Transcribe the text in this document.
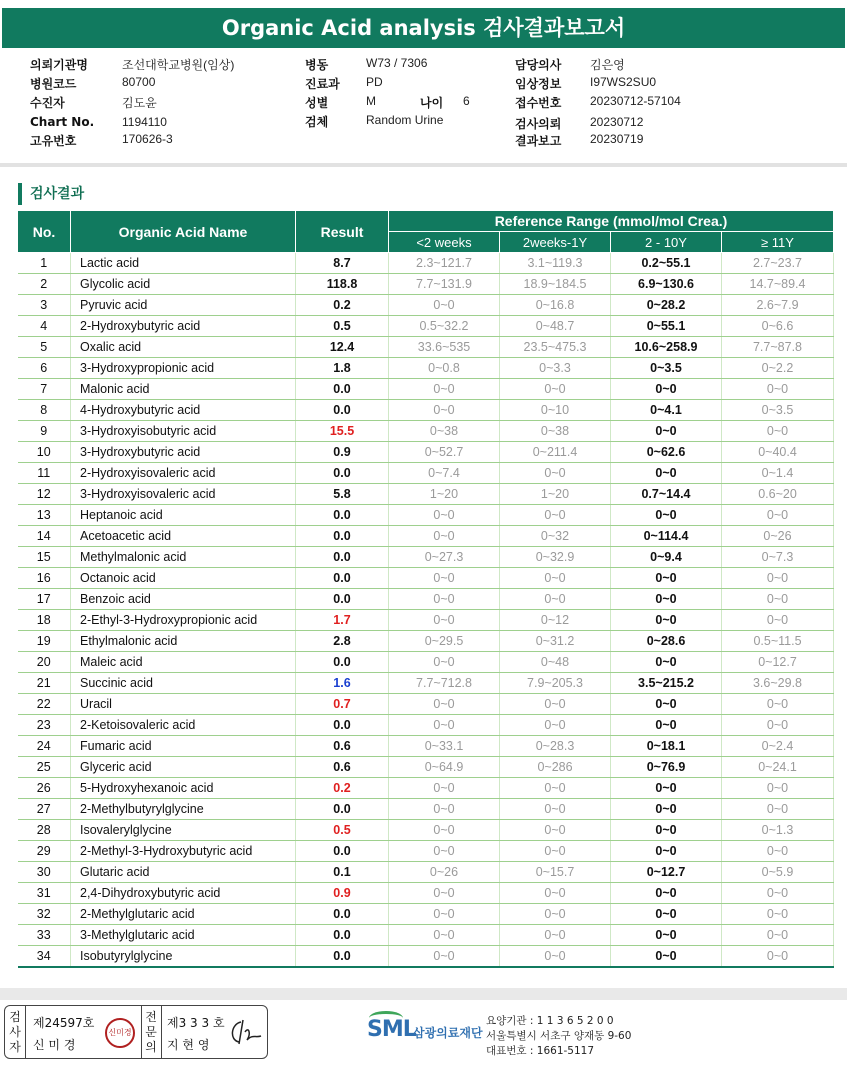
Organic Acid analysis 검사결과보고서
의뢰기관명	조선대학교병원(임상)
병원코드	80700
수진자	김도윤
Chart No. 1194110
고유번호	170626-3
병동	W73 / 7306
진료과 PD
성별	M
검체	Random Urine
담당의사 김은영
임상정보 I97WS2SU0
접수번호 20230712-57104
검사의뢰 20230712
결과보고 20230719
나이 6
검사결과
No.	Organic Acid Name	Result	Reference Range (mmol/mol Crea.)			
			<2 weeks	2weeks-1Y	2 - 10Y	≥ 11Y
1	Lactic acid	8.7	2.3~121.7	3.1~119.3	0.2~55.1	2.7~23.7
2	Glycolic acid	118.8	7.7~131.9	18.9~184.5	6.9~130.6	14.7~89.4
3	Pyruvic acid	0.2	0~0	0~16.8	0~28.2	2.6~7.9
4	2-Hydroxybutyric acid	0.5	0.5~32.2	0~48.7	0~55.1	0~6.6
5	Oxalic acid	12.4	33.6~535	23.5~475.3	10.6~258.9	7.7~87.8
6	3-Hydroxypropionic acid	1.8	0~0.8	0~3.3	0~3.5	0~2.2
7	Malonic acid	0.0	0~0	0~0	0~0	0~0
8	4-Hydroxybutyric acid	0.0	0~0	0~10	0~4.1	0~3.5
9	3-Hydroxyisobutyric acid	15.5	0~38	0~38	0~0	0~0
10	3-Hydroxybutyric acid	0.9	0~52.7	0~211.4	0~62.6	0~40.4
11	2-Hydroxyisovaleric acid	0.0	0~7.4	0~0	0~0	0~1.4
12	3-Hydroxyisovaleric acid	5.8	1~20	1~20	0.7~14.4	0.6~20
13	Heptanoic acid	0.0	0~0	0~0	0~0	0~0
14	Acetoacetic acid	0.0	0~0	0~32	0~114.4	0~26
15	Methylmalonic acid	0.0	0~27.3	0~32.9	0~9.4	0~7.3
16	Octanoic acid	0.0	0~0	0~0	0~0	0~0
17	Benzoic acid	0.0	0~0	0~0	0~0	0~0
18	2-Ethyl-3-Hydroxypropionic acid	1.7	0~0	0~12	0~0	0~0
19	Ethylmalonic acid	2.8	0~29.5	0~31.2	0~28.6	0.5~11.5
20	Maleic acid	0.0	0~0	0~48	0~0	0~12.7
21	Succinic acid	1.6	7.7~712.8	7.9~205.3	3.5~215.2	3.6~29.8
22	Uracil	0.7	0~0	0~0	0~0	0~0
23	2-Ketoisovaleric acid	0.0	0~0	0~0	0~0	0~0
24	Fumaric acid	0.6	0~33.1	0~28.3	0~18.1	0~2.4
25	Glyceric acid	0.6	0~64.9	0~286	0~76.9	0~24.1
26	5-Hydroxyhexanoic acid	0.2	0~0	0~0	0~0	0~0
27	2-Methylbutyrylglycine	0.0	0~0	0~0	0~0	0~0
28	Isovalerylglycine	0.5	0~0	0~0	0~0	0~1.3
29	2-Methyl-3-Hydroxybutyric acid	0.0	0~0	0~0	0~0	0~0
30	Glutaric acid	0.1	0~26	0~15.7	0~12.7	0~5.9
31	2,4-Dihydroxybutyric acid	0.9	0~0	0~0	0~0	0~0
32	2-Methylglutaric acid	0.0	0~0	0~0	0~0	0~0
33	3-Methylglutaric acid	0.0	0~0	0~0	0~0	0~0
34	Isobutyrylglycine	0.0	0~0	0~0	0~0	0~0
검
사
자
제24597호
신 미 경
신미경
전
문
의
제3 3 3 호
지 현 영
SML
삼광의료재단
요양기관 : 1 1 3 6 5 2 0 0
서울특별시 서초구 양재동 9-60
대표번호 : 1661-5117
